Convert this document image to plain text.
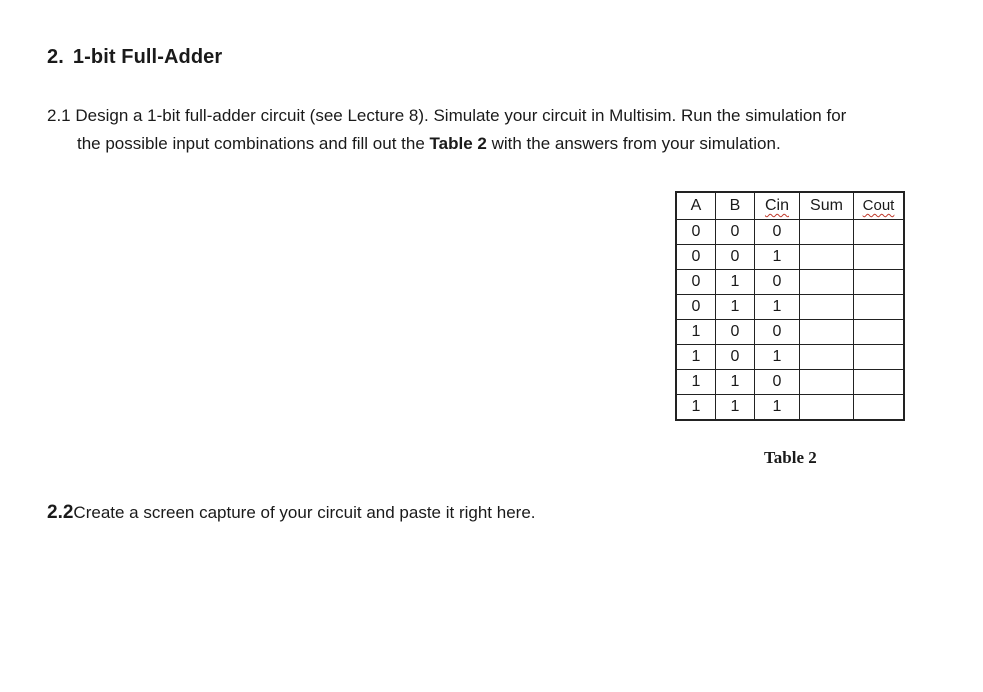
2. 1-bit Full-Adder
2.1 Design a 1-bit full-adder circuit (see Lecture 8). Simulate your circuit in Multisim. Run the simulation for
the possible input combinations and fill out the Table 2 with the answers from your simulation.
A	B	Cin	Sum	Cout
0	0	0		
0	0	1		
0	1	0		
0	1	1		
1	0	0		
1	0	1		
1	1	0		
1	1	1		
Table 2
2.2Create a screen capture of your circuit and paste it right here.
